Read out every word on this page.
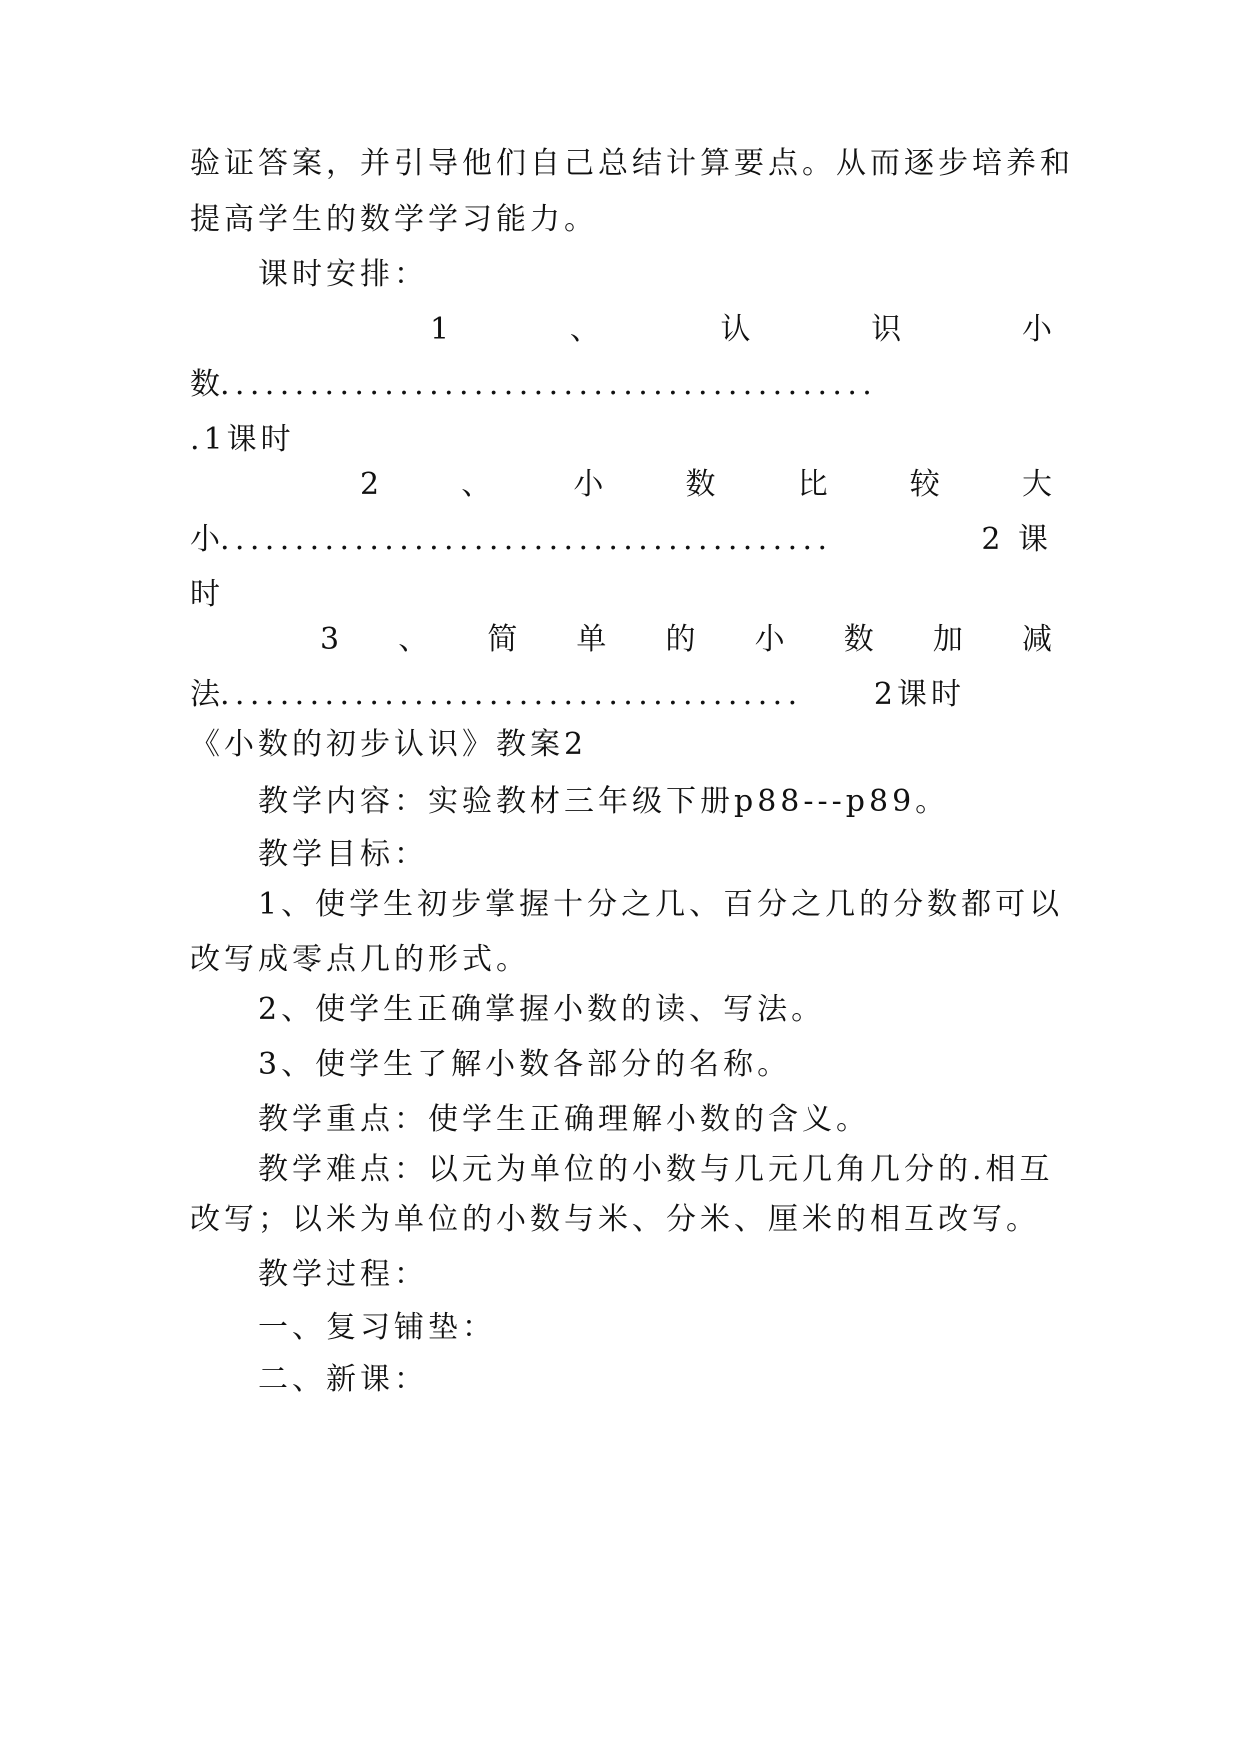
验证答案，并引导他们自己总结计算要点。从而逐步培养和
提高学生的数学学习能力。
课时安排：
1	、	认	识	小
数 ............................................
.1课时
2	、	小	数	比	较	大
小 .........................................	2 课
时
3 、 简 单 的 小 数 加 减
法 .......................................	2课时
《小数的初步认识》教案2
教学内容：实验教材三年级下册p88---p89。
教学目标：
1、使学生初步掌握十分之几、百分之几的分数都可以
改写成零点几的形式。
2、使学生正确掌握小数的读、写法。
3、使学生了解小数各部分的名称。
教学重点：使学生正确理解小数的含义。
教学难点：以元为单位的小数与几元几角几分的.相互
改写；以米为单位的小数与米、分米、厘米的相互改写。
教学过程：
一、复习铺垫：
二、新课：
